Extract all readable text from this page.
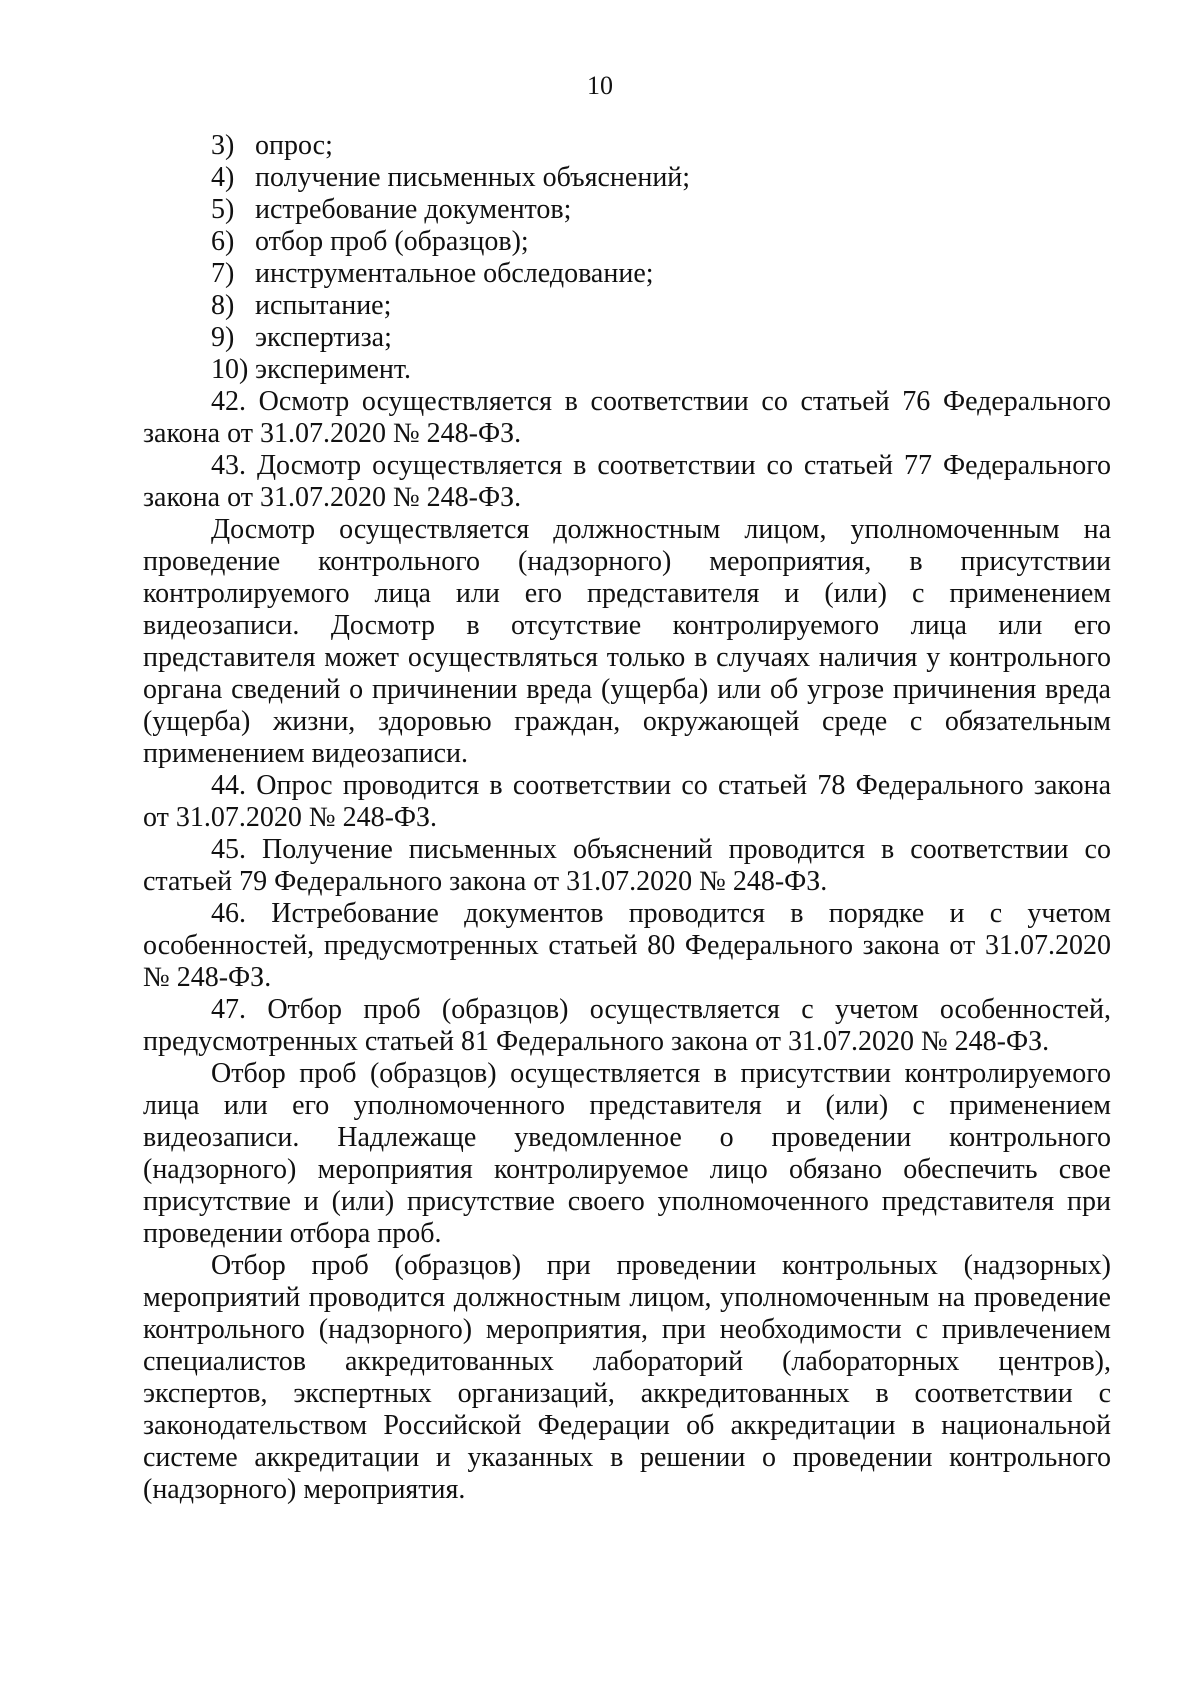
10
3) опрос;
4) получение письменных объяснений;
5) истребование документов;
6) отбор проб (образцов);
7) инструментальное обследование;
8) испытание;
9) экспертиза;
10) эксперимент.

42. Осмотр осуществляется в соответствии со статьей 76 Федерального закона от 31.07.2020 № 248-ФЗ.

43. Досмотр осуществляется в соответствии со статьей 77 Федерального закона от 31.07.2020 № 248-ФЗ.

Досмотр осуществляется должностным лицом, уполномоченным на проведение контрольного (надзорного) мероприятия, в присутствии контролируемого лица или его представителя и (или) с применением видеозаписи. Досмотр в отсутствие контролируемого лица или его представителя может осуществляться только в случаях наличия у контрольного органа сведений о причинении вреда (ущерба) или об угрозе причинения вреда (ущерба) жизни, здоровью граждан, окружающей среде с обязательным применением видеозаписи.

44. Опрос проводится в соответствии со статьей 78 Федерального закона от 31.07.2020 № 248-ФЗ.

45. Получение письменных объяснений проводится в соответствии со статьей 79 Федерального закона от 31.07.2020 № 248-ФЗ.

46. Истребование документов проводится в порядке и с учетом особенностей, предусмотренных статьей 80 Федерального закона от 31.07.2020 № 248-ФЗ.

47. Отбор проб (образцов) осуществляется с учетом особенностей, предусмотренных статьей 81 Федерального закона от 31.07.2020 № 248-ФЗ.

Отбор проб (образцов) осуществляется в присутствии контролируемого лица или его уполномоченного представителя и (или) с применением видеозаписи. Надлежаще уведомленное о проведении контрольного (надзорного) мероприятия контролируемое лицо обязано обеспечить свое присутствие и (или) присутствие своего уполномоченного представителя при проведении отбора проб.

Отбор проб (образцов) при проведении контрольных (надзорных) мероприятий проводится должностным лицом, уполномоченным на проведение контрольного (надзорного) мероприятия, при необходимости с привлечением специалистов аккредитованных лабораторий (лабораторных центров), экспертов, экспертных организаций, аккредитованных в соответствии с законодательством Российской Федерации об аккредитации в национальной системе аккредитации и указанных в решении о проведении контрольного (надзорного) мероприятия.
